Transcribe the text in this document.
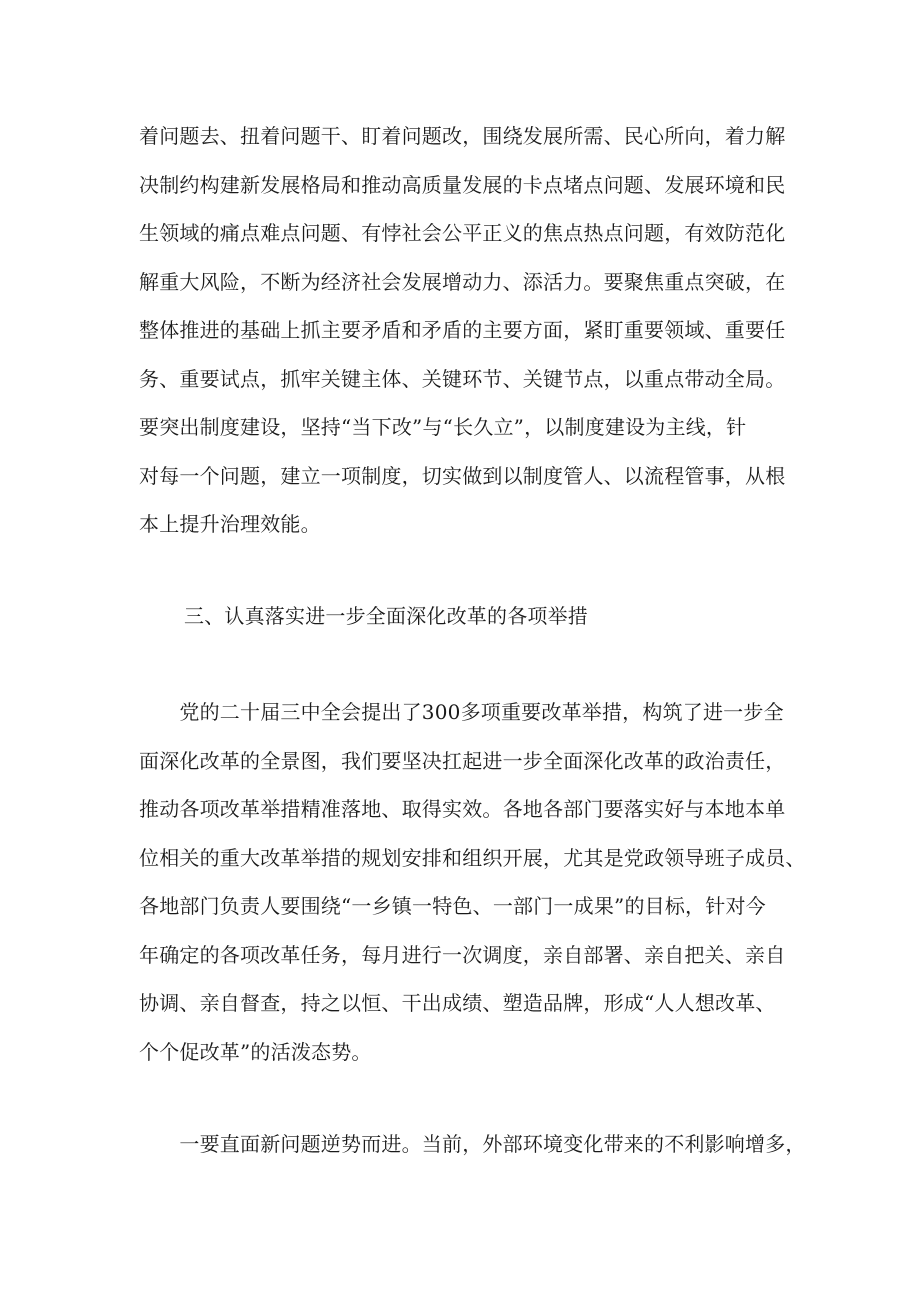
着问题去、扭着问题干、盯着问题改，围绕发展所需、民心所向，着力解
决制约构建新发展格局和推动高质量发展的卡点堵点问题、发展环境和民
生领域的痛点难点问题、有悖社会公平正义的焦点热点问题，有效防范化
解重大风险，不断为经济社会发展增动力、添活力。要聚焦重点突破，在
整体推进的基础上抓主要矛盾和矛盾的主要方面，紧盯重要领域、重要任
务、重要试点，抓牢关键主体、关键环节、关键节点，以重点带动全局。
要突出制度建设，坚持“当下改”与“长久立”，以制度建设为主线，针
对每一个问题，建立一项制度，切实做到以制度管人、以流程管事，从根
本上提升治理效能。

三、认真落实进一步全面深化改革的各项举措

　　党的二十届三中全会提出了300多项重要改革举措，构筑了进一步全
面深化改革的全景图，我们要坚决扛起进一步全面深化改革的政治责任，
推动各项改革举措精准落地、取得实效。各地各部门要落实好与本地本单
位相关的重大改革举措的规划安排和组织开展，尤其是党政领导班子成员、
各地部门负责人要围绕“一乡镇一特色、一部门一成果”的目标，针对今
年确定的各项改革任务，每月进行一次调度，亲自部署、亲自把关、亲自
协调、亲自督查，持之以恒、干出成绩、塑造品牌，形成“人人想改革、
个个促改革”的活泼态势。

　　一要直面新问题逆势而进。当前，外部环境变化带来的不利影响增多，
